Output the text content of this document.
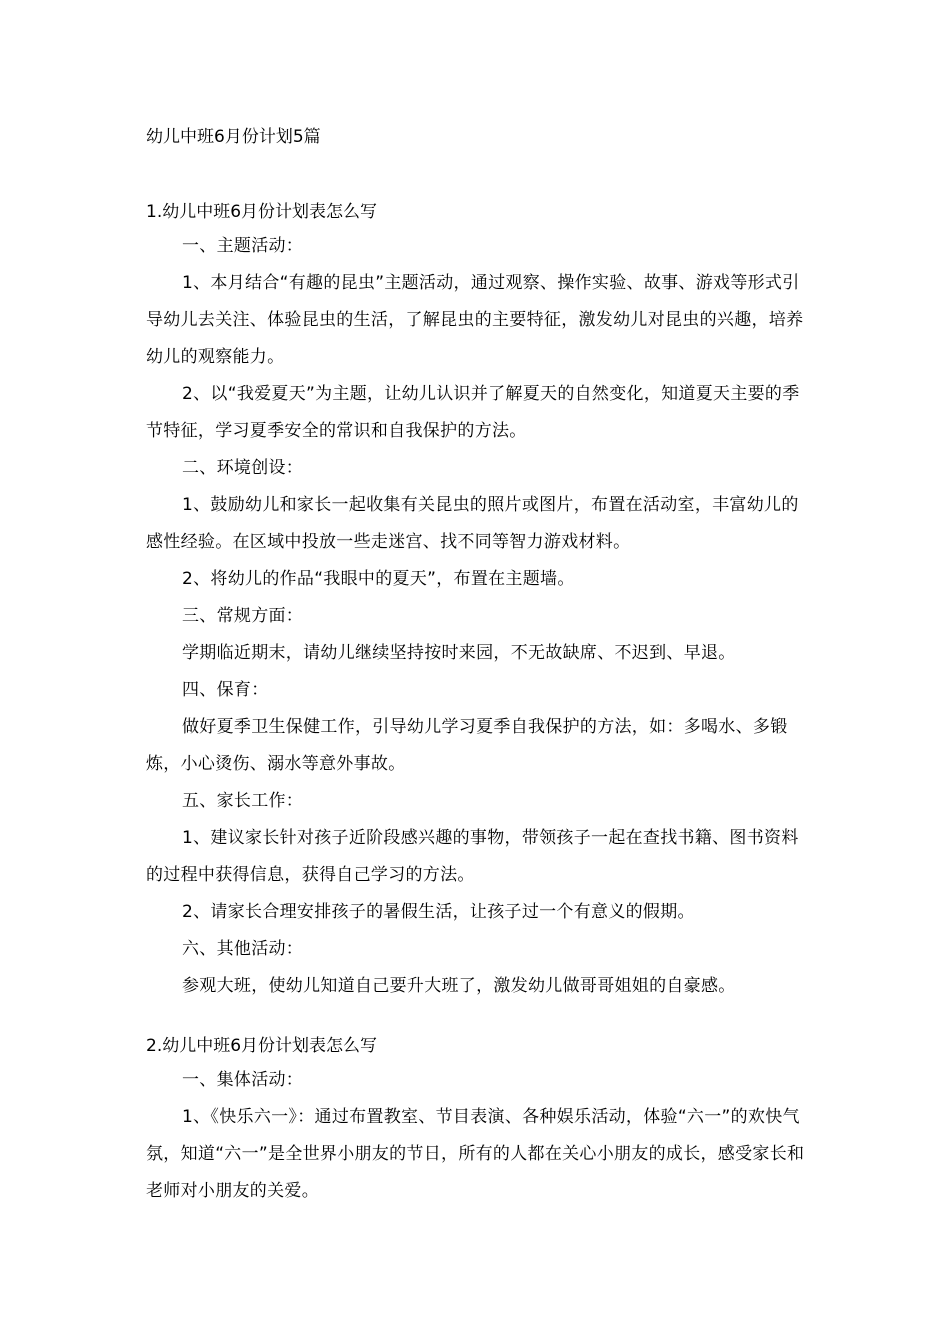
幼儿中班6月份计划5篇
1.幼儿中班6月份计划表怎么写

一、主题活动：

1、本月结合“有趣的昆虫”主题活动，通过观察、操作实验、故事、游戏等形式引导幼儿去关注、体验昆虫的生活，了解昆虫的主要特征，激发幼儿对昆虫的兴趣，培养幼儿的观察能力。

2、以“我爱夏天”为主题，让幼儿认识并了解夏天的自然变化，知道夏天主要的季节特征，学习夏季安全的常识和自我保护的方法。

二、环境创设：

1、鼓励幼儿和家长一起收集有关昆虫的照片或图片，布置在活动室，丰富幼儿的感性经验。在区域中投放一些走迷宫、找不同等智力游戏材料。

2、将幼儿的作品“我眼中的夏天”，布置在主题墙。

三、常规方面：

学期临近期末，请幼儿继续坚持按时来园，不无故缺席、不迟到、早退。

四、保育：

做好夏季卫生保健工作，引导幼儿学习夏季自我保护的方法，如：多喝水、多锻炼，小心烫伤、溺水等意外事故。

五、家长工作：

1、建议家长针对孩子近阶段感兴趣的事物，带领孩子一起在查找书籍、图书资料的过程中获得信息，获得自己学习的方法。

2、请家长合理安排孩子的暑假生活，让孩子过一个有意义的假期。

六、其他活动：

参观大班，使幼儿知道自己要升大班了，激发幼儿做哥哥姐姐的自豪感。

2.幼儿中班6月份计划表怎么写

一、集体活动：

1、《快乐六一》：通过布置教室、节目表演、各种娱乐活动，体验“六一”的欢快气氛，知道“六一”是全世界小朋友的节日，所有的人都在关心小朋友的成长，感受家长和老师对小朋友的关爱。
